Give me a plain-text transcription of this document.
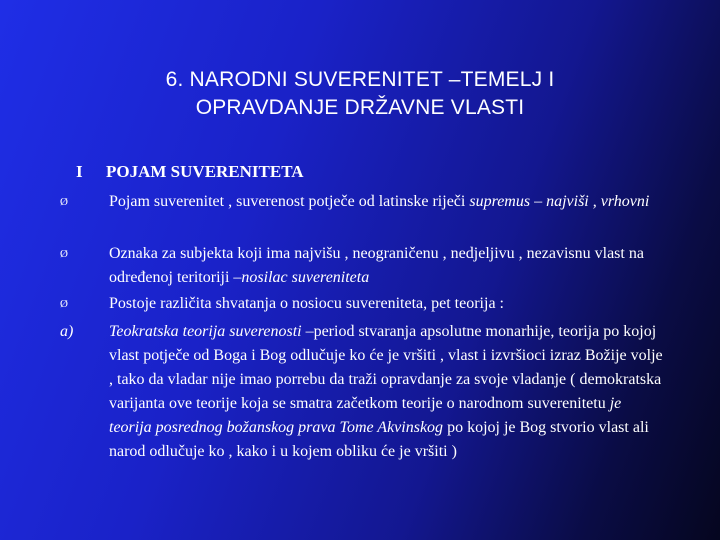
6. NARODNI SUVERENITET –TEMELJ I
OPRAVDANJE DRŽAVNE VLASTI
I POJAM SUVERENITETA
Ø	Pojam suverenitet , suverenost potječe od latinske riječi supremus – najviši , vrhovni
Ø	Oznaka za subjekta koji ima najvišu , neograničenu , nedjeljivu , nezavisnu vlast na određenoj teritoriji –nosilac suvereniteta
Ø	Postoje različita shvatanja o nosiocu suvereniteta, pet teorija :
a)	Teokratska teorija suverenosti –period stvaranja apsolutne monarhije, teorija po kojoj vlast potječe od Boga i Bog odlučuje ko će je vršiti , vlast i izvršioci izraz Božije volje , tako da vladar nije imao porrebu da traži opravdanje za svoje vladanje ( demokratska varijanta ove teorije koja se smatra začetkom teorije o narodnom suverenitetu je teorija posrednog božanskog prava Tome Akvinskog po kojoj je Bog stvorio vlast ali narod odlučuje ko , kako i u kojem obliku će je vršiti )
